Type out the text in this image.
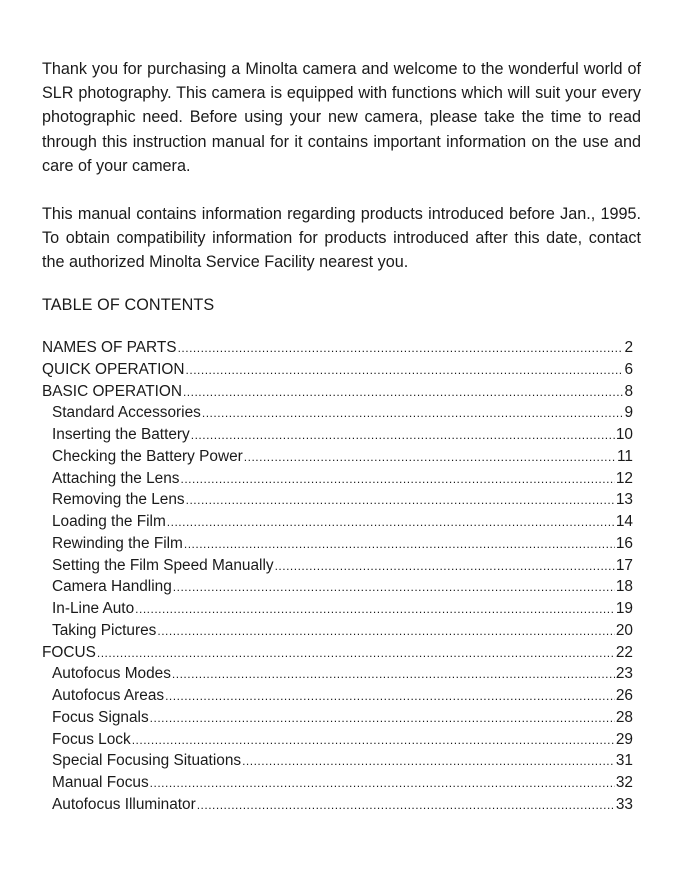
Thank you for purchasing a Minolta camera and welcome to the wonderful world of SLR photography. This camera is equipped with functions which will suit your every photographic need. Before using your new camera, please take the time to read through this instruction manual for it contains important information on the use and care of your camera.

This manual contains information regarding products introduced before Jan., 1995. To obtain compatibility information for products introduced after this date, contact the authorized Minolta Service Facility nearest you.

TABLE OF CONTENTS
NAMES OF PARTS .....	2
QUICK OPERATION .....	6
BASIC OPERATION .....	8
Standard Accessories .....	9
Inserting the Battery .....	10
Checking the Battery Power .....	11
Attaching the Lens .....	12
Removing the Lens .....	13
Loading the Film .....	14
Rewinding the Film .....	16
Setting the Film Speed Manually .....	17
Camera Handling .....	18
In-Line Auto .....	19
Taking Pictures .....	20
FOCUS .....	22
Autofocus Modes .....	23
Autofocus Areas .....	26
Focus Signals .....	28
Focus Lock .....	29
Special Focusing Situations .....	31
Manual Focus .....	32
Autofocus Illuminator .....	33
